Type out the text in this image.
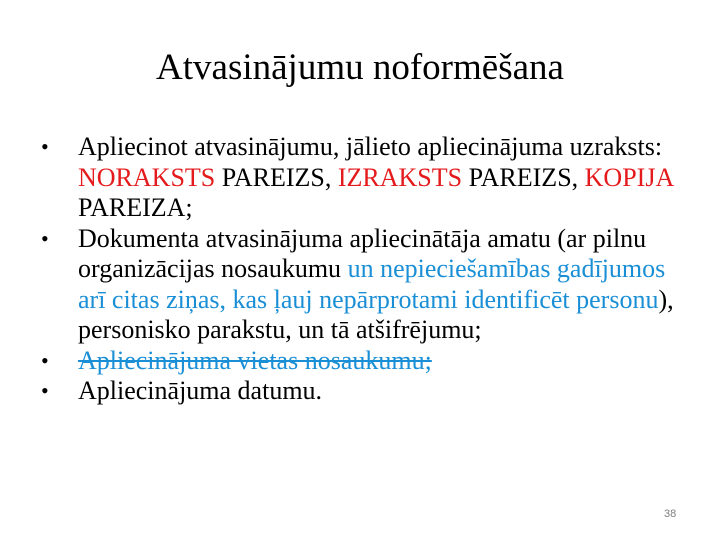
Atvasinājumu noformēšana
• Apliecinot atvasinājumu, jālieto apliecinājuma uzraksts: NORAKSTS PAREIZS, IZRAKSTS PAREIZS, KOPIJA PAREIZA;
• Dokumenta atvasinājuma apliecinātāja amatu (ar pilnu organizācijas nosaukumu un nepieciešamības gadījumos arī citas ziņas, kas ļauj nepārprotami identificēt personu), personisko parakstu, un tā atšifrējumu;
• Apliecinājuma vietas nosaukumu;
• Apliecinājuma datumu.
38
